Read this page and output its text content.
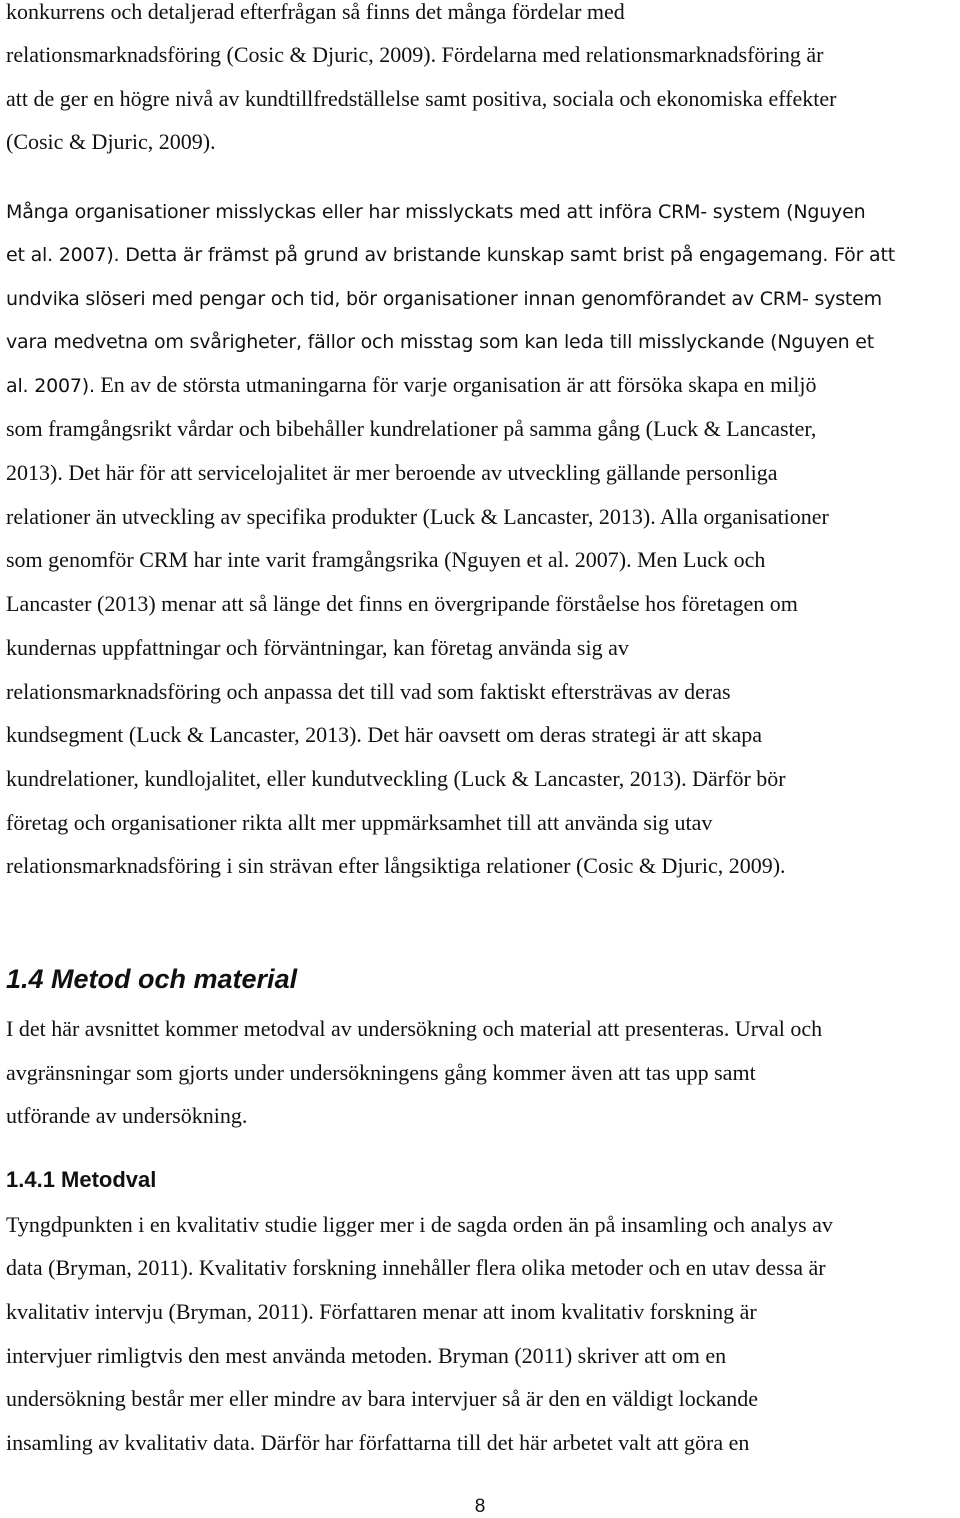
konkurrens och detaljerad efterfrågan så finns det många fördelar med
relationsmarknadsföring (Cosic & Djuric, 2009). Fördelarna med relationsmarknadsföring är
att de ger en högre nivå av kundtillfredställelse samt positiva, sociala och ekonomiska effekter
(Cosic & Djuric, 2009).
Många organisationer misslyckas eller har misslyckats med att införa CRM- system (Nguyen
et al. 2007). Detta är främst på grund av bristande kunskap samt brist på engagemang. För att
undvika slöseri med pengar och tid, bör organisationer innan genomförandet av CRM- system
vara medvetna om svårigheter, fällor och misstag som kan leda till misslyckande (Nguyen et
al. 2007). En av de största utmaningarna för varje organisation är att försöka skapa en miljö
som framgångsrikt vårdar och bibehåller kundrelationer på samma gång (Luck & Lancaster,
2013). Det här för att servicelojalitet är mer beroende av utveckling gällande personliga
relationer än utveckling av specifika produkter (Luck & Lancaster, 2013). Alla organisationer
som genomför CRM har inte varit framgångsrika (Nguyen et al. 2007). Men Luck och
Lancaster (2013) menar att så länge det finns en övergripande förståelse hos företagen om
kundernas uppfattningar och förväntningar, kan företag använda sig av
relationsmarknadsföring och anpassa det till vad som faktiskt eftersträvas av deras
kundsegment (Luck & Lancaster, 2013). Det här oavsett om deras strategi är att skapa
kundrelationer, kundlojalitet, eller kundutveckling (Luck & Lancaster, 2013). Därför bör
företag och organisationer rikta allt mer uppmärksamhet till att använda sig utav
relationsmarknadsföring i sin strävan efter långsiktiga relationer (Cosic & Djuric, 2009).
1.4 Metod och material
I det här avsnittet kommer metodval av undersökning och material att presenteras. Urval och
avgränsningar som gjorts under undersökningens gång kommer även att tas upp samt
utförande av undersökning.
1.4.1 Metodval
Tyngdpunkten i en kvalitativ studie ligger mer i de sagda orden än på insamling och analys av
data (Bryman, 2011). Kvalitativ forskning innehåller flera olika metoder och en utav dessa är
kvalitativ intervju (Bryman, 2011). Författaren menar att inom kvalitativ forskning är
intervjuer rimligtvis den mest använda metoden. Bryman (2011) skriver att om en
undersökning består mer eller mindre av bara intervjuer så är den en väldigt lockande
insamling av kvalitativ data. Därför har författarna till det här arbetet valt att göra en
8
